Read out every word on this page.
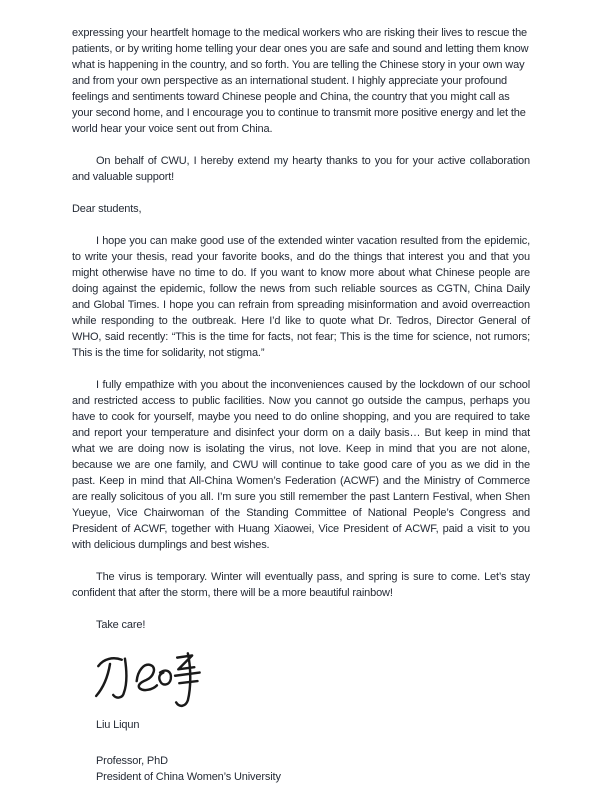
expressing your heartfelt homage to the medical workers who are risking their lives to rescue the patients, or by writing home telling your dear ones you are safe and sound and letting them know what is happening in the country, and so forth. You are telling the Chinese story in your own way and from your own perspective as an international student. I highly appreciate your profound feelings and sentiments toward Chinese people and China, the country that you might call as your second home, and I encourage you to continue to transmit more positive energy and let the world hear your voice sent out from China.

On behalf of CWU, I hereby extend my hearty thanks to you for your active collaboration and valuable support!

Dear students,

I hope you can make good use of the extended winter vacation resulted from the epidemic, to write your thesis, read your favorite books, and do the things that interest you and that you might otherwise have no time to do. If you want to know more about what Chinese people are doing against the epidemic, follow the news from such reliable sources as CGTN, China Daily and Global Times. I hope you can refrain from spreading misinformation and avoid overreaction while responding to the outbreak. Here I’d like to quote what Dr. Tedros, Director General of WHO, said recently: “This is the time for facts, not fear; This is the time for science, not rumors; This is the time for solidarity, not stigma.”

I fully empathize with you about the inconveniences caused by the lockdown of our school and restricted access to public facilities. Now you cannot go outside the campus, perhaps you have to cook for yourself, maybe you need to do online shopping, and you are required to take and report your temperature and disinfect your dorm on a daily basis… But keep in mind that what we are doing now is isolating the virus, not love. Keep in mind that you are not alone, because we are one family, and CWU will continue to take good care of you as we did in the past. Keep in mind that All-China Women’s Federation (ACWF) and the Ministry of Commerce are really solicitous of you all. I’m sure you still remember the past Lantern Festival, when Shen Yueyue, Vice Chairwoman of the Standing Committee of National People’s Congress and President of ACWF, together with Huang Xiaowei, Vice President of ACWF, paid a visit to you with delicious dumplings and best wishes.

The virus is temporary. Winter will eventually pass, and spring is sure to come. Let’s stay confident that after the storm, there will be a more beautiful rainbow!

Take care!

Liu Liqun

Professor, PhD

President of China Women’s University
